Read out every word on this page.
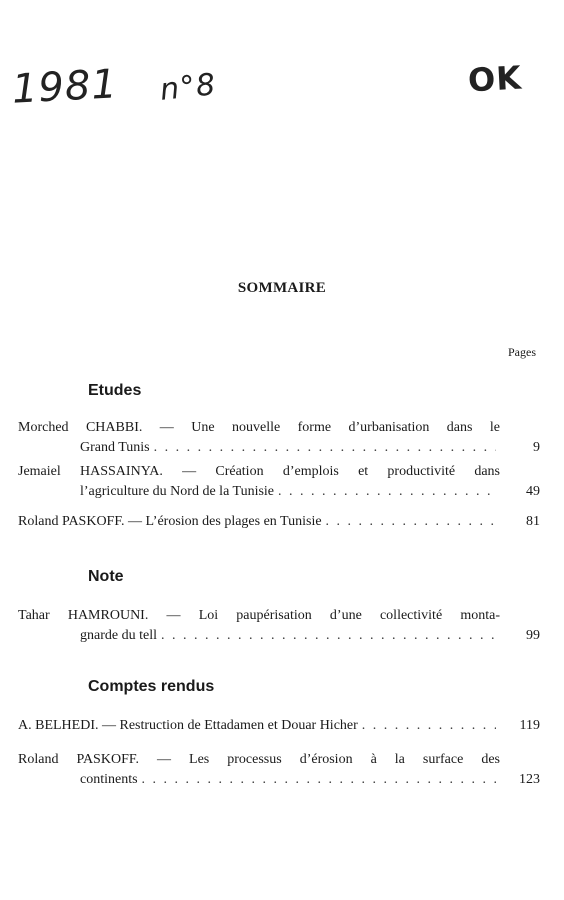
1981 n°8	OK
SOMMAIRE
Pages
Etudes
Morched CHABBI. — Une nouvelle forme d’urbanisation dans le
Grand Tunis . . .	9
Jemaiel HASSAINYA. — Création d’emplois et productivité dans
l’agriculture du Nord de la Tunisie . . .	49
Roland PASKOFF. — L’érosion des plages en Tunisie . . .	81
Note
Tahar HAMROUNI. — Loi paupérisation d’une collectivité monta-
gnarde du tell . . .	99
Comptes rendus
A. BELHEDI. — Restruction de Ettadamen et Douar Hicher . . .	119
Roland PASKOFF. — Les processus d’érosion à la surface des
continents . . .	123
